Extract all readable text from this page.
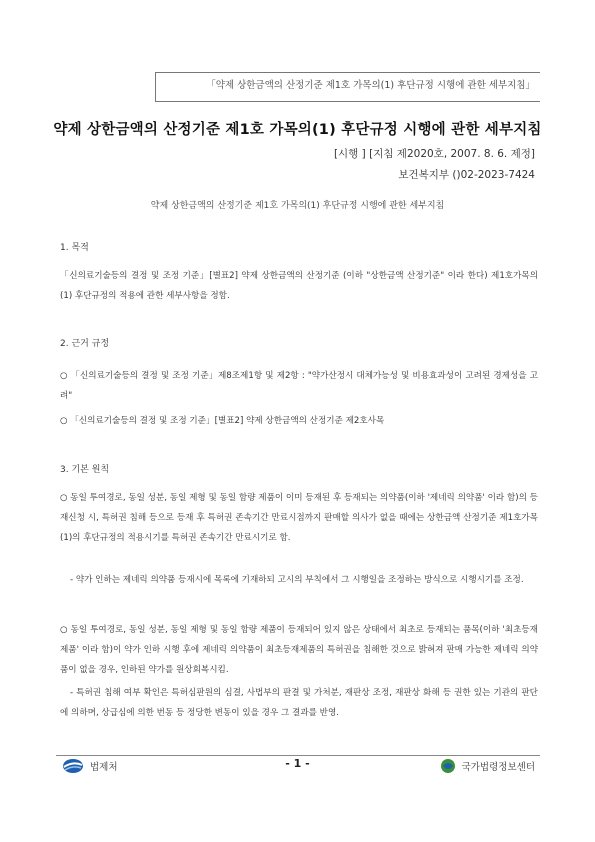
「약제 상한금액의 산정기준 제1호 가목의(1) 후단규정 시행에 관한 세부지침」
약제 상한금액의 산정기준 제1호 가목의(1) 후단규정 시행에 관한 세부지침
[시행 ] [지침 제2020호, 2007. 8. 6. 제정]
보건복지부 ()02-2023-7424
약제 상한금액의 산정기준 제1호 가목의(1) 후단규정 시행에 관한 세부지침
1. 목적
「신의료기술등의 결정 및 조정 기준」[별표2] 약제 상한금액의 산정기준 (이하 "상한금액 산정기준" 이라 한다) 제1호가목의(1) 후단규정의 적용에 관한 세부사항을 정함.
2. 근거 규정
○ 「신의료기술등의 결정 및 조정 기준」제8조제1항 및 제2항 : "약가산정시 대체가능성 및 비용효과성이 고려된 경제성을 고려"
○ 「신의료기술등의 결정 및 조정 기준」[별표2] 약제 상한금액의 산정기준 제2호사목
3. 기본 원칙
○ 동일 투여경로, 동일 성분, 동일 제형 및 동일 함량 제품이 이미 등재된 후 등재되는 의약품(이하 '제네릭 의약품' 이라 함)의 등재신청 시, 특허권 침해 등으로 등재 후 특허권 존속기간 만료시점까지 판매할 의사가 없을 때에는 상한금액 산정기준 제1호가목(1)의 후단규정의 적용시기를 특허권 존속기간 만료시기로 함.
- 약가 인하는 제네릭 의약품 등재시에 목록에 기재하되 고시의 부칙에서 그 시행일을 조정하는 방식으로 시행시기를 조정.
○ 동일 투여경로, 동일 성분, 동일 제형 및 동일 함량 제품이 등재되어 있지 않은 상태에서 최초로 등재되는 품목(이하 '최초등재제품' 이라 함)이 약가 인하 시행 후에 제네릭 의약품이 최초등재제품의 특허권을 침해한 것으로 밝혀져 판매 가능한 제네릭 의약품이 없을 경우, 인하된 약가를 원상회복시킴.
- 특허권 침해 여부 확인은 특허심판원의 심결, 사법부의 판결 및 가처분, 재판상 조정, 재판상 화해 등 권한 있는 기관의 판단에 의하며, 상급심에 의한 번동 등 정당한 변동이 있을 경우 그 결과를 반영.
법제처	- 1 -	국가법령정보센터
